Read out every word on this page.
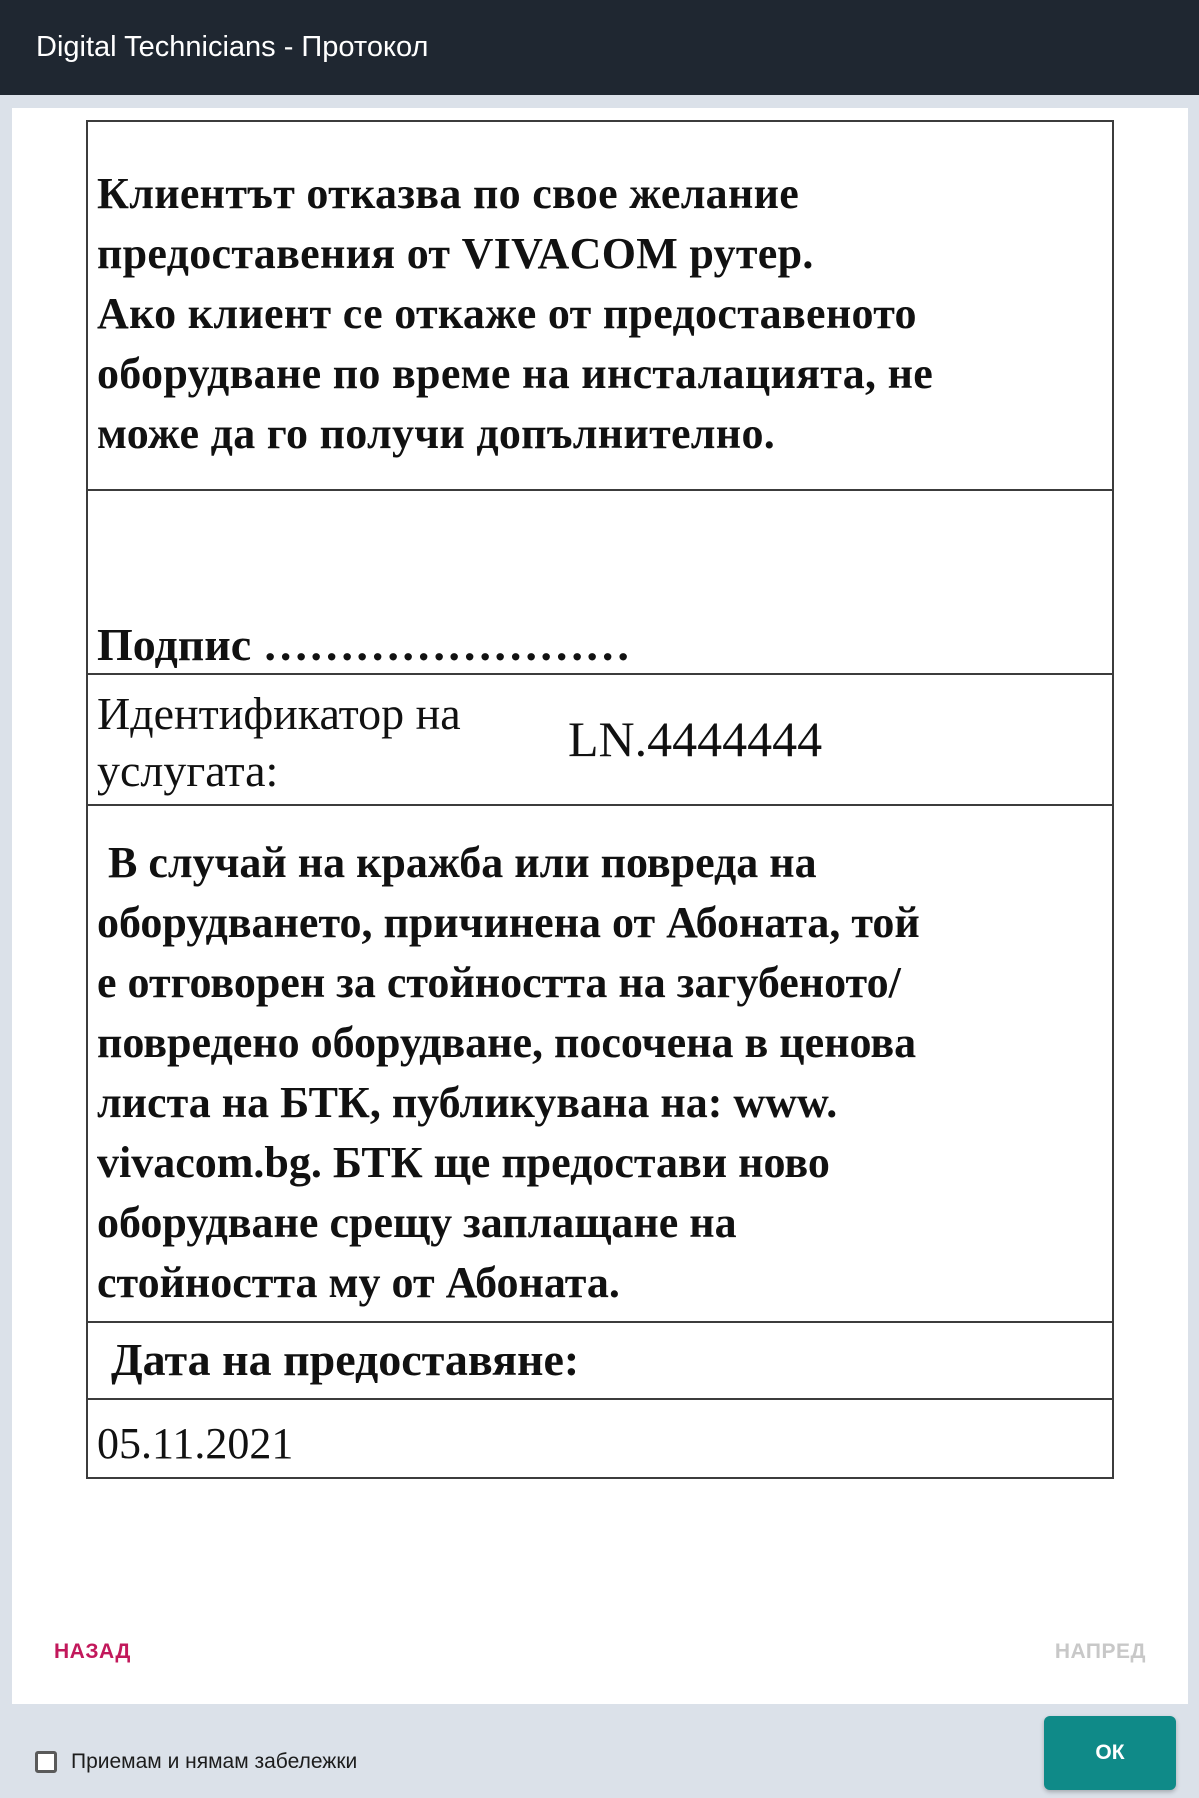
Digital Technicians - Протокол

Клиентът отказва по свое желание

предоставения от VIVACOM рутер.

Ако клиент се откаже от предоставеното

оборудване по време на инсталацията, не

може да го получи допълнително.

Подпис ……………………
Идентификатор на
услугата:
LN.4444444
В случай на кражба или повреда на
оборудването, причинена от Абоната, той
е отговорен за стойността на загубеното/
повредено оборудване, посочена в ценова
листа на БТК, публикувана на: www.
vivacom.bg. БТК ще предостави ново
оборудване срещу заплащане на
стойността му от Абоната.
Дата на предоставяне:
05.11.2021
НАЗАД	НАПРЕД
Приемам и нямам забележки	ОК
